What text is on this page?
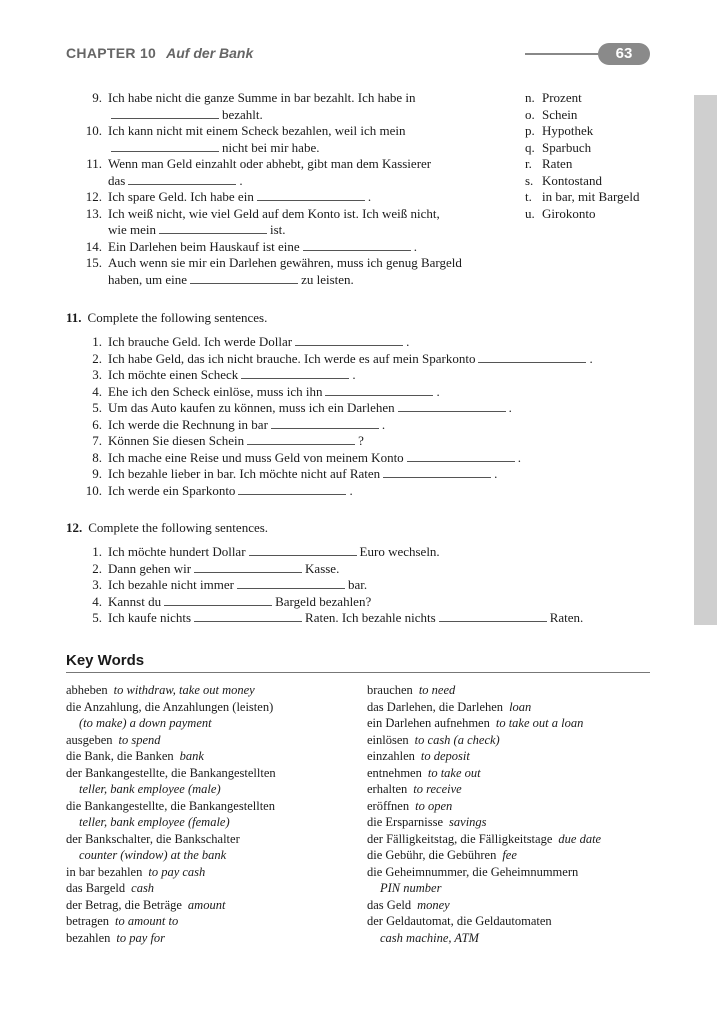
CHAPTER 10 Auf der Bank	63
9. Ich habe nicht die ganze Summe in bar bezahlt. Ich habe in
bezahlt.
10. Ich kann nicht mit einem Scheck bezahlen, weil ich mein
nicht bei mir habe.
11. Wenn man Geld einzahlt oder abhebt, gibt man dem Kassierer
das	.
12. Ich spare Geld. Ich habe ein	.
13. Ich weiß nicht, wie viel Geld auf dem Konto ist. Ich weiß nicht,
wie mein	ist.
14. Ein Darlehen beim Hauskauf ist eine	.
15. Auch wenn sie mir ein Darlehen gewähren, muss ich genug Bargeld
haben, um eine	zu leisten.
n. Prozent
o. Schein
p. Hypothek
q. Sparbuch
r. Raten
s. Kontostand
t. in bar, mit Bargeld
u. Girokonto
11. Complete the following sentences.
1. Ich brauche Geld. Ich werde Dollar	.
2. Ich habe Geld, das ich nicht brauche. Ich werde es auf mein Sparkonto	.
3. Ich möchte einen Scheck	.
4. Ehe ich den Scheck einlöse, muss ich ihn	.
5. Um das Auto kaufen zu können, muss ich ein Darlehen	.
6. Ich werde die Rechnung in bar	.
7. Können Sie diesen Schein	?
8. Ich mache eine Reise und muss Geld von meinem Konto	.
9. Ich bezahle lieber in bar. Ich möchte nicht auf Raten	.
10. Ich werde ein Sparkonto	.
12. Complete the following sentences.
1. Ich möchte hundert Dollar	Euro wechseln.
2. Dann gehen wir	Kasse.
3. Ich bezahle nicht immer	bar.
4. Kannst du	Bargeld bezahlen?
5. Ich kaufe nichts	Raten. Ich bezahle nichts	Raten.
Key Words
abheben to withdraw, take out money
die Anzahlung, die Anzahlungen (leisten)
(to make) a down payment
ausgeben to spend
die Bank, die Banken bank
der Bankangestellte, die Bankangestellten
teller, bank employee (male)
die Bankangestellte, die Bankangestellten
teller, bank employee (female)
der Bankschalter, die Bankschalter
counter (window) at the bank
in bar bezahlen to pay cash
das Bargeld cash
der Betrag, die Beträge amount
betragen to amount to
bezahlen to pay for
brauchen to need
das Darlehen, die Darlehen loan
ein Darlehen aufnehmen to take out a loan
einlösen to cash (a check)
einzahlen to deposit
entnehmen to take out
erhalten to receive
eröffnen to open
die Ersparnisse savings
der Fälligkeitstag, die Fälligkeitstage due date
die Gebühr, die Gebühren fee
die Geheimnummer, die Geheimnummern
PIN number
das Geld money
der Geldautomat, die Geldautomaten
cash machine, ATM
